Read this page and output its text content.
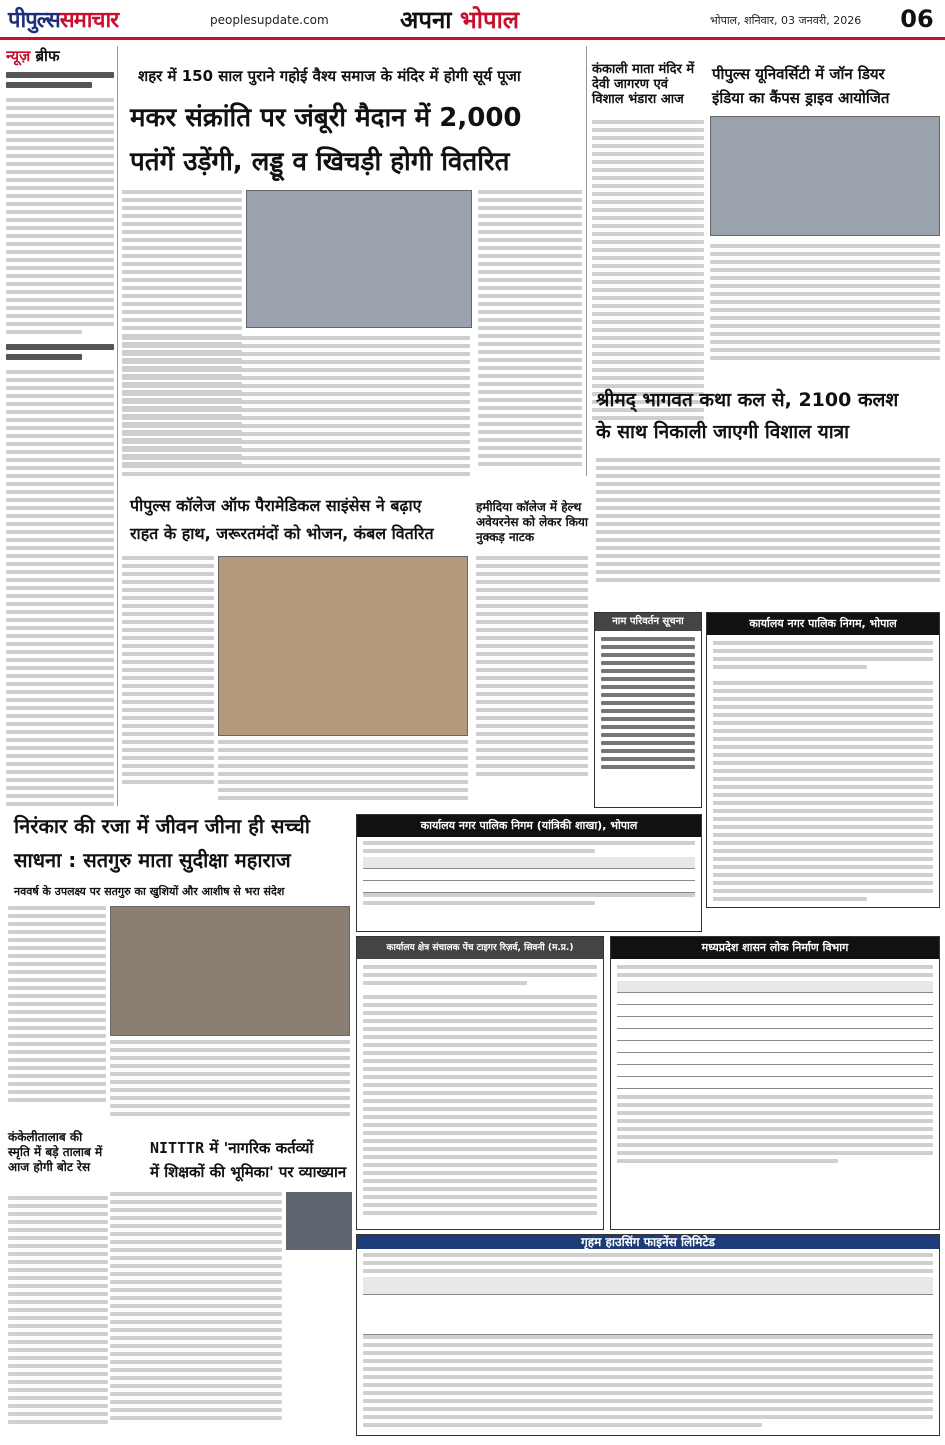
पीपुल्ससमाचार	peoplesupdate.com	अपना भोपाल	भोपाल, शनिवार, 03 जनवरी, 2026 06
न्यूज़ ब्रीफ
शहर में 150 साल पुराने गहोई वैश्य समाज के मंदिर में होगी सूर्य पूजा
मकर संक्रांति पर जंबूरी मैदान में 2,000
पतंगें उड़ेंगी, लड्डू व खिचड़ी होगी वितरित
कंकाली माता मंदिर में देवी जागरण एवं विशाल भंडारा आज
पीपुल्स यूनिवर्सिटी में जॉन डियर
इंडिया का कैंपस ड्राइव आयोजित
श्रीमद् भागवत कथा कल से, 2100 कलश
के साथ निकाली जाएगी विशाल यात्रा
पीपुल्स कॉलेज ऑफ पैरामेडिकल साइंसेस ने बढ़ाए
राहत के हाथ, जरूरतमंदों को भोजन, कंबल वितरित
हमीदिया कॉलेज में हेल्थ अवेयरनेस को लेकर किया नुक्कड़ नाटक
नाम परिवर्तन सूचना	कार्यालय नगर पालिक निगम, भोपाल
निरंकार की रजा में जीवन जीना ही सच्ची
साधना : सतगुरु माता सुदीक्षा महाराज
नववर्ष के उपलक्ष्य पर सतगुरु का खुशियों और आशीष से भरा संदेश
कार्यालय नगर पालिक निगम (यांत्रिकी शाखा), भोपाल
कार्यालय क्षेत्र संचालक पेंच टाइगर रिज़र्व, सिवनी (म.प्र.)	मध्यप्रदेश शासन लोक निर्माण विभाग
NITTTR में 'नागरिक कर्तव्यों
में शिक्षकों की भूमिका' पर व्याख्यान
कंकेलीतालाब की स्मृति में बड़े तालाब में आज होगी बोट रेस
गृहम हाउसिंग फाइनेंस लिमिटेड
